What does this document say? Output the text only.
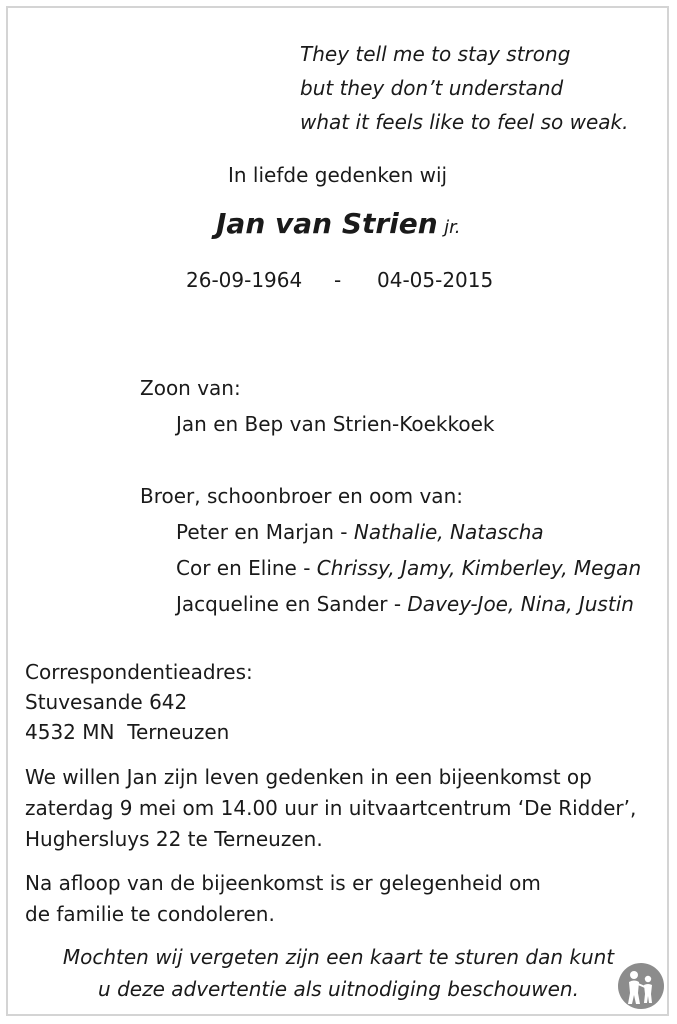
They tell me to stay strong
but they don’t understand
what it feels like to feel so weak.
In liefde gedenken wij
Jan van Strien jr.
26-09-1964 - 04-05-2015
Zoon van:
Jan en Bep van Strien-Koekkoek
Broer, schoonbroer en oom van:
Peter en Marjan - Nathalie, Natascha
Cor en Eline - Chrissy, Jamy, Kimberley, Megan
Jacqueline en Sander - Davey-Joe, Nina, Justin
Correspondentieadres:
Stuvesande 642
4532 MN  Terneuzen
We willen Jan zijn leven gedenken in een bijeenkomst op
zaterdag 9 mei om 14.00 uur in uitvaartcentrum ‘De Ridder’,
Hughersluys 22 te Terneuzen.
Na afloop van de bijeenkomst is er gelegenheid om
de familie te condoleren.
Mochten wij vergeten zijn een kaart te sturen dan kunt
u deze advertentie als uitnodiging beschouwen.
